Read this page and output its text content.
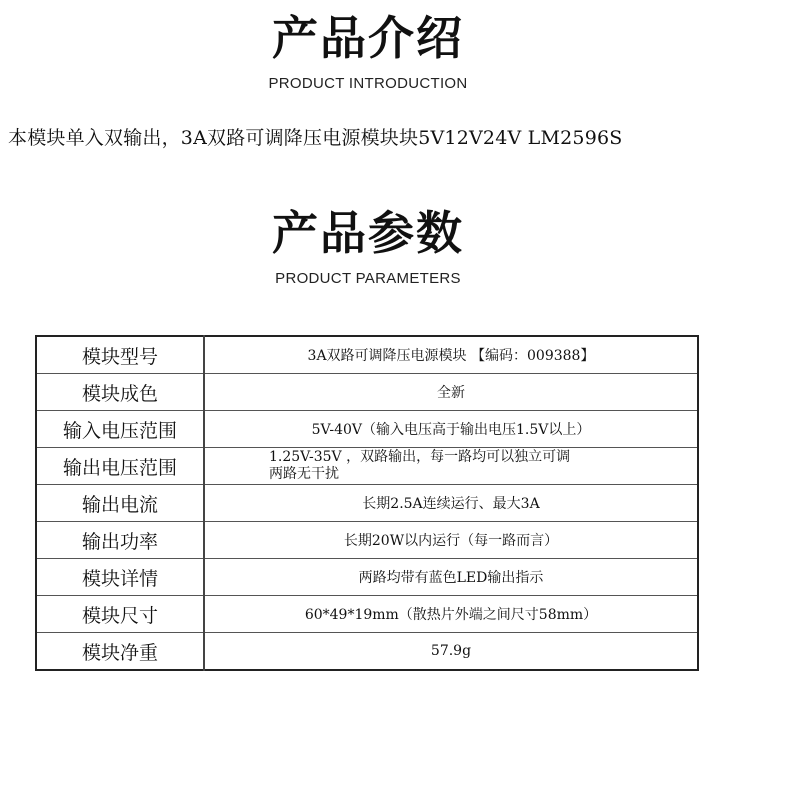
产品介绍
PRODUCT INTRODUCTION
本模块单入双输出，3A双路可调降压电源模块块5V12V24V LM2596S
产品参数
PRODUCT PARAMETERS
模块型号	3A双路可调降压电源模块 【编码：009388】
模块成色	全新
输入电压范围	5V-40V（输入电压高于输出电压1.5V以上）
输出电压范围	1.25V-35V ，双路输出，每一路均可以独立可调
两路无干扰

输出电流	长期2.5A连续运行、最大3A
输出功率	长期20W以内运行（每一路而言）
模块详情	两路均带有蓝色LED输出指示
模块尺寸	60*49*19mm（散热片外端之间尺寸58mm）
模块净重	57.9g
